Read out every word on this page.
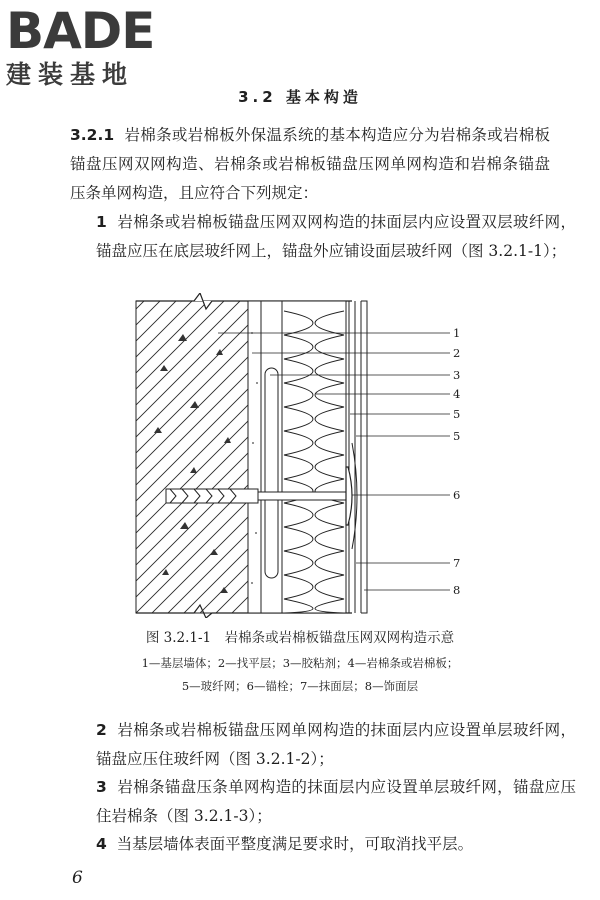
BADE
建装基地
3.2 基本构造

3.2.1 岩棉条或岩棉板外保温系统的基本构造应分为岩棉条或岩棉板锚盘压网双网构造、岩棉条或岩棉板锚盘压网单网构造和岩棉条锚盘压条单网构造，且应符合下列规定：

1 岩棉条或岩棉板锚盘压网双网构造的抹面层内应设置双层玻纤网，锚盘应压在底层玻纤网上，锚盘外应铺设面层玻纤网（图 3.2.1-1）；

1
2
3
4
5
5
6
7
8
图 3.2.1-1　岩棉条或岩棉板锚盘压网双网构造示意
1—基层墙体；2—找平层；3—胶粘剂；4—岩棉条或岩棉板；
5—玻纤网；6—锚栓；7—抹面层；8—饰面层

2 岩棉条或岩棉板锚盘压网单网构造的抹面层内应设置单层玻纤网，锚盘应压住玻纤网（图 3.2.1-2）；

3 岩棉条锚盘压条单网构造的抹面层内应设置单层玻纤网，锚盘应压住岩棉条（图 3.2.1-3）；

4 当基层墙体表面平整度满足要求时，可取消找平层。

6
